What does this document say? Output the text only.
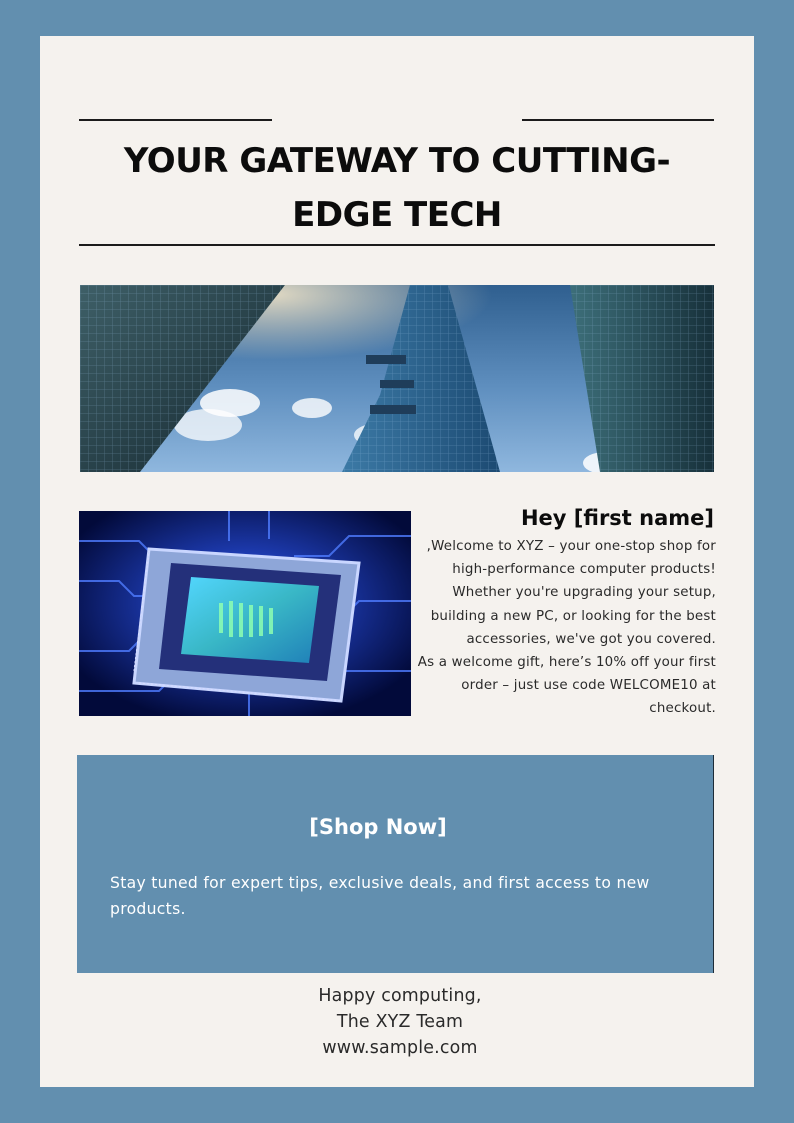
YOUR GATEWAY TO CUTTING-EDGE TECH
Hey [first name]

,Welcome to XYZ – your one-stop shop for high-performance computer products! Whether you're upgrading your setup, building a new PC, or looking for the best accessories, we've got you covered.

As a welcome gift, here’s 10% off your first order – just use code WELCOME10 at checkout.

[Shop Now]
Stay tuned for expert tips, exclusive deals, and first access to new products.
Happy computing,
The XYZ Team
www.sample.com
